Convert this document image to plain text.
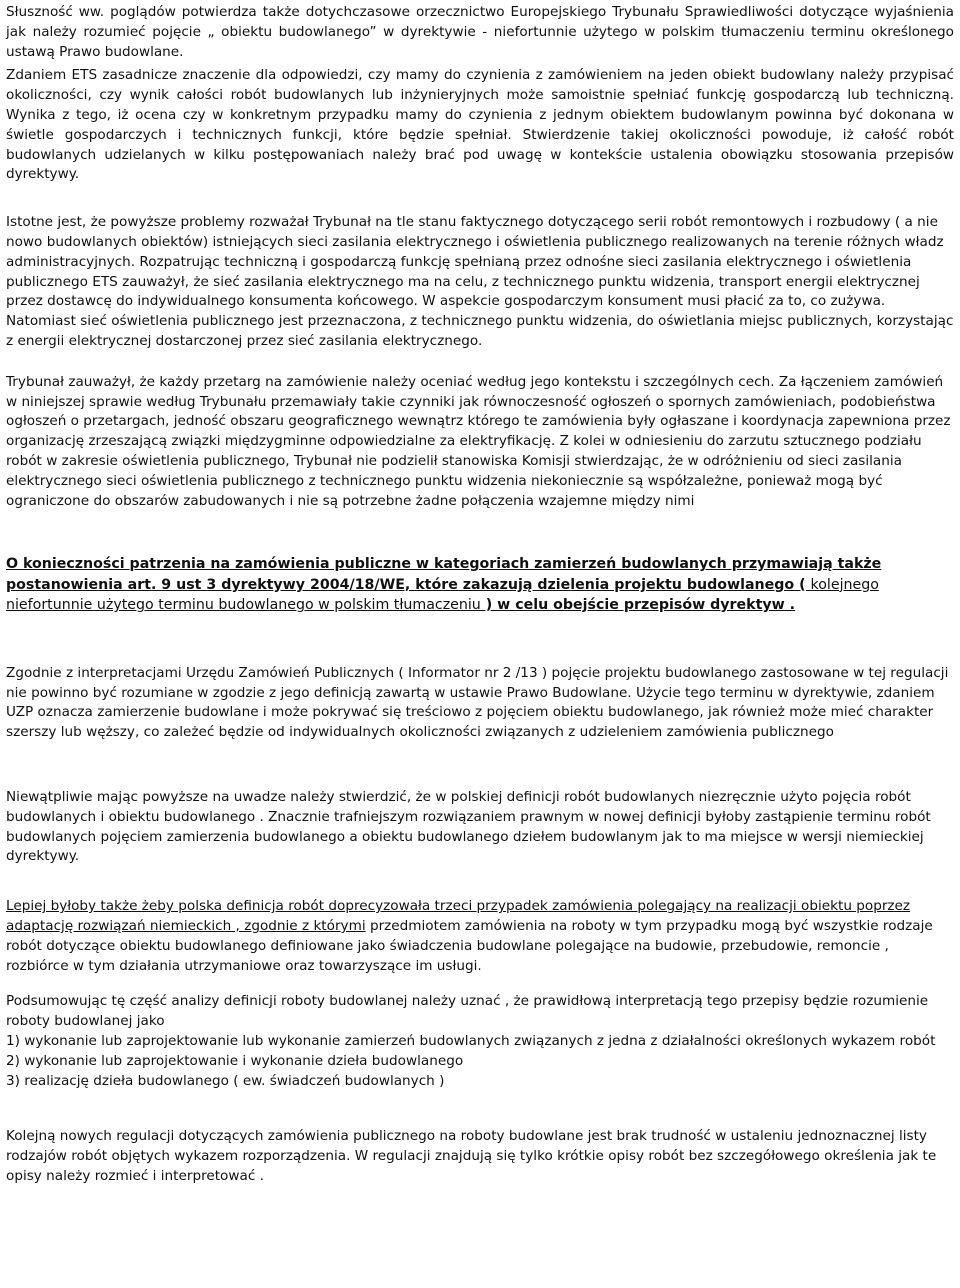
Słuszność ww. poglądów potwierdza także dotychczasowe orzecznictwo Europejskiego Trybunału Sprawiedliwości dotyczące wyjaśnienia jak należy rozumieć pojęcie „ obiektu budowlanego” w dyrektywie - niefortunnie użytego w polskim tłumaczeniu terminu określonego ustawą Prawo budowlane.

Zdaniem ETS zasadnicze znaczenie dla odpowiedzi, czy mamy do czynienia z zamówieniem na jeden obiekt budowlany należy przypisać okoliczności, czy wynik całości robót budowlanych lub inżynieryjnych może samoistnie spełniać funkcję gospodarczą lub techniczną. Wynika z tego, iż ocena czy w konkretnym przypadku mamy do czynienia z jednym obiektem budowlanym powinna być dokonana w świetle gospodarczych i technicznych funkcji, które będzie spełniał. Stwierdzenie takiej okoliczności powoduje, iż całość robót budowlanych udzielanych w kilku postępowaniach należy brać pod uwagę w kontekście ustalenia obowiązku stosowania przepisów dyrektywy.

Istotne jest, że powyższe problemy rozważał Trybunał na tle stanu faktycznego dotyczącego serii robót remontowych i rozbudowy ( a nie nowo budowlanych obiektów) istniejących sieci zasilania elektrycznego i oświetlenia publicznego realizowanych na terenie różnych władz administracyjnych. Rozpatrując techniczną i gospodarczą funkcję spełnianą przez odnośne sieci zasilania elektrycznego i oświetlenia publicznego ETS zauważył, że sieć zasilania elektrycznego ma na celu, z technicznego punktu widzenia, transport energii elektrycznej przez dostawcę do indywidualnego konsumenta końcowego. W aspekcie gospodarczym konsument musi płacić za to, co zużywa. Natomiast sieć oświetlenia publicznego jest przeznaczona, z technicznego punktu widzenia, do oświetlania miejsc publicznych, korzystając z energii elektrycznej dostarczonej przez sieć zasilania elektrycznego.

Trybunał zauważył, że każdy przetarg na zamówienie należy oceniać według jego kontekstu i szczególnych cech. Za łączeniem zamówień w niniejszej sprawie według Trybunału przemawiały takie czynniki jak równoczesność ogłoszeń o spornych zamówieniach, podobieństwa ogłoszeń o przetargach, jedność obszaru geograficznego wewnątrz którego te zamówienia były ogłaszane i koordynacja zapewniona przez organizację zrzeszającą związki międzygminne odpowiedzialne za elektryfikację. Z kolei w odniesieniu do zarzutu sztucznego podziału robót w zakresie oświetlenia publicznego, Trybunał nie podzielił stanowiska Komisji stwierdzając, że w odróżnieniu od sieci zasilania elektrycznego sieci oświetlenia publicznego z technicznego punktu widzenia niekoniecznie są współzależne, ponieważ mogą być ograniczone do obszarów zabudowanych i nie są potrzebne żadne połączenia wzajemne między nimi

O konieczności patrzenia na zamówienia publiczne w kategoriach zamierzeń budowlanych przymawiają także postanowienia art. 9 ust 3 dyrektywy 2004/18/WE, które zakazują dzielenia projektu budowlanego ( kolejnego niefortunnie użytego terminu budowlanego w polskim tłumaczeniu ) w celu obejście przepisów dyrektyw .

Zgodnie z interpretacjami Urzędu Zamówień Publicznych ( Informator nr 2 /13 ) pojęcie projektu budowlanego zastosowane w tej regulacji nie powinno być rozumiane w zgodzie z jego definicją zawartą w ustawie Prawo Budowlane. Użycie tego terminu w dyrektywie, zdaniem UZP oznacza zamierzenie budowlane i może pokrywać się treściowo z pojęciem obiektu budowlanego, jak również może mieć charakter szerszy lub węższy, co zależeć będzie od indywidualnych okoliczności związanych z udzieleniem zamówienia publicznego

Niewątpliwie mając powyższe na uwadze należy stwierdzić, że w polskiej definicji robót budowlanych niezręcznie użyto pojęcia robót budowlanych i obiektu budowlanego . Znacznie trafniejszym rozwiązaniem prawnym w nowej definicji byłoby zastąpienie terminu robót budowlanych pojęciem zamierzenia budowlanego a obiektu budowlanego dziełem budowlanym jak to ma miejsce w wersji niemieckiej dyrektywy.

Lepiej byłoby także żeby polska definicja robót doprecyzowała trzeci przypadek zamówienia polegający na realizacji obiektu poprzez adaptację rozwiązań niemieckich , zgodnie z którymi przedmiotem zamówienia na roboty w tym przypadku mogą być wszystkie rodzaje robót dotyczące obiektu budowlanego definiowane jako świadczenia budowlane polegające na budowie, przebudowie, remoncie , rozbiórce w tym działania utrzymaniowe oraz towarzyszące im usługi.

Podsumowując tę część analizy definicji roboty budowlanej należy uznać , że prawidłową interpretacją tego przepisy będzie rozumienie roboty budowlanej jako

1) wykonanie lub zaprojektowanie lub wykonanie zamierzeń budowlanych związanych z jedna z działalności określonych wykazem robót

2) wykonanie lub zaprojektowanie i wykonanie dzieła budowlanego

3) realizację dzieła budowlanego ( ew. świadczeń budowlanych )

Kolejną nowych regulacji dotyczących zamówienia publicznego na roboty budowlane jest brak trudność w ustaleniu jednoznacznej listy rodzajów robót objętych wykazem rozporządzenia. W regulacji znajdują się tylko krótkie opisy robót bez szczegółowego określenia jak te opisy należy rozmieć i interpretować .
